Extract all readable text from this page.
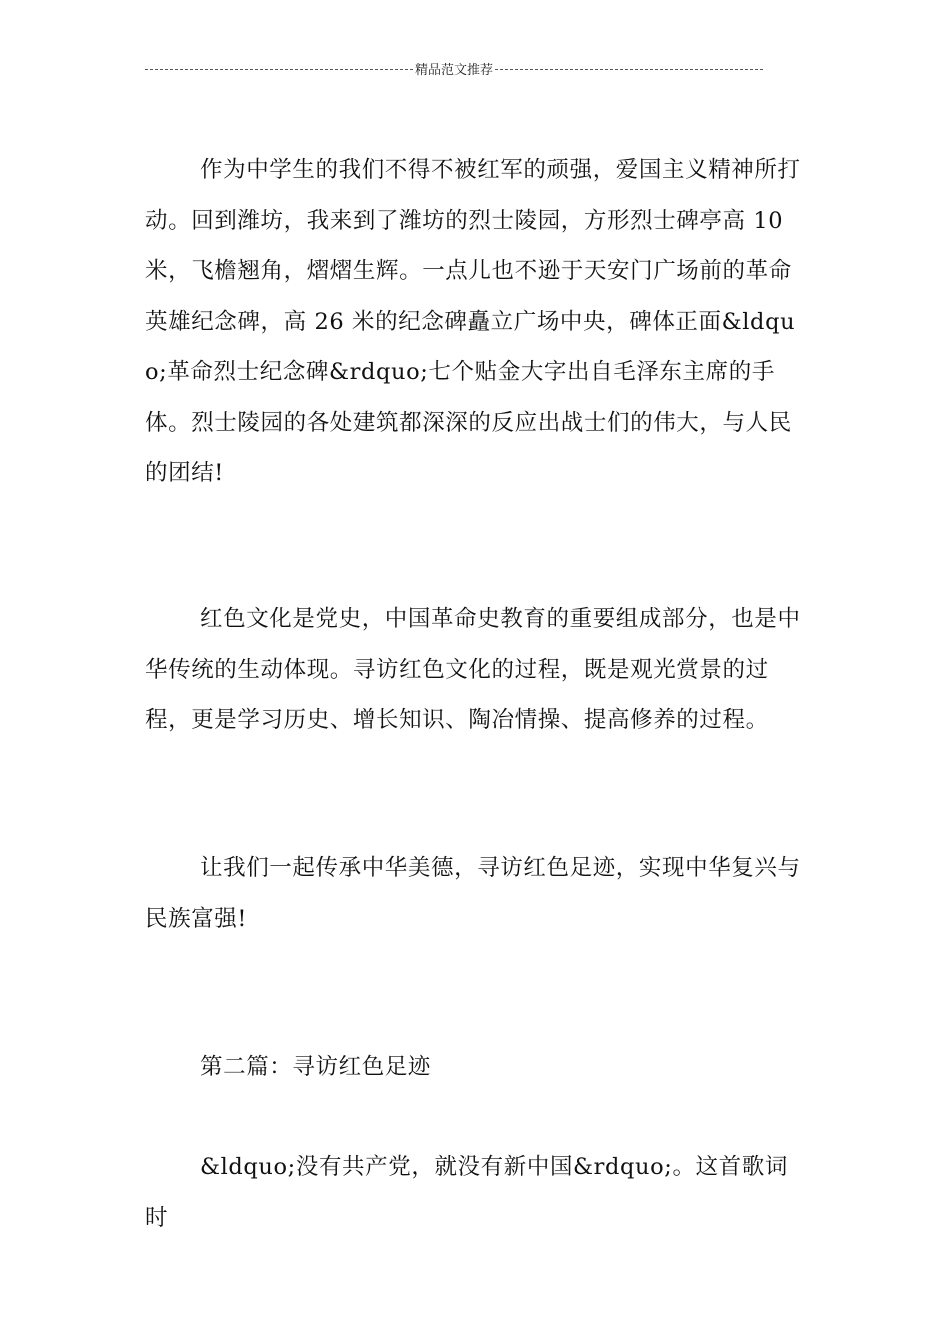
精品范文推荐

作为中学生的我们不得不被红军的顽强，爱国主义精神所打动。回到潍坊，我来到了潍坊的烈士陵园，方形烈士碑亭高 10 米，飞檐翘角，熠熠生辉。一点儿也不逊于天安门广场前的革命英雄纪念碑，高 26 米的纪念碑矗立广场中央，碑体正面&ldquo;革命烈士纪念碑&rdquo;七个贴金大字出自毛泽东主席的手体。烈士陵园的各处建筑都深深的反应出战士们的伟大，与人民的团结!

红色文化是党史，中国革命史教育的重要组成部分，也是中华传统的生动体现。寻访红色文化的过程，既是观光赏景的过程，更是学习历史、增长知识、陶冶情操、提高修养的过程。

让我们一起传承中华美德，寻访红色足迹，实现中华复兴与民族富强!

第二篇：寻访红色足迹

&ldquo;没有共产党，就没有新中国&rdquo;。这首歌词时
